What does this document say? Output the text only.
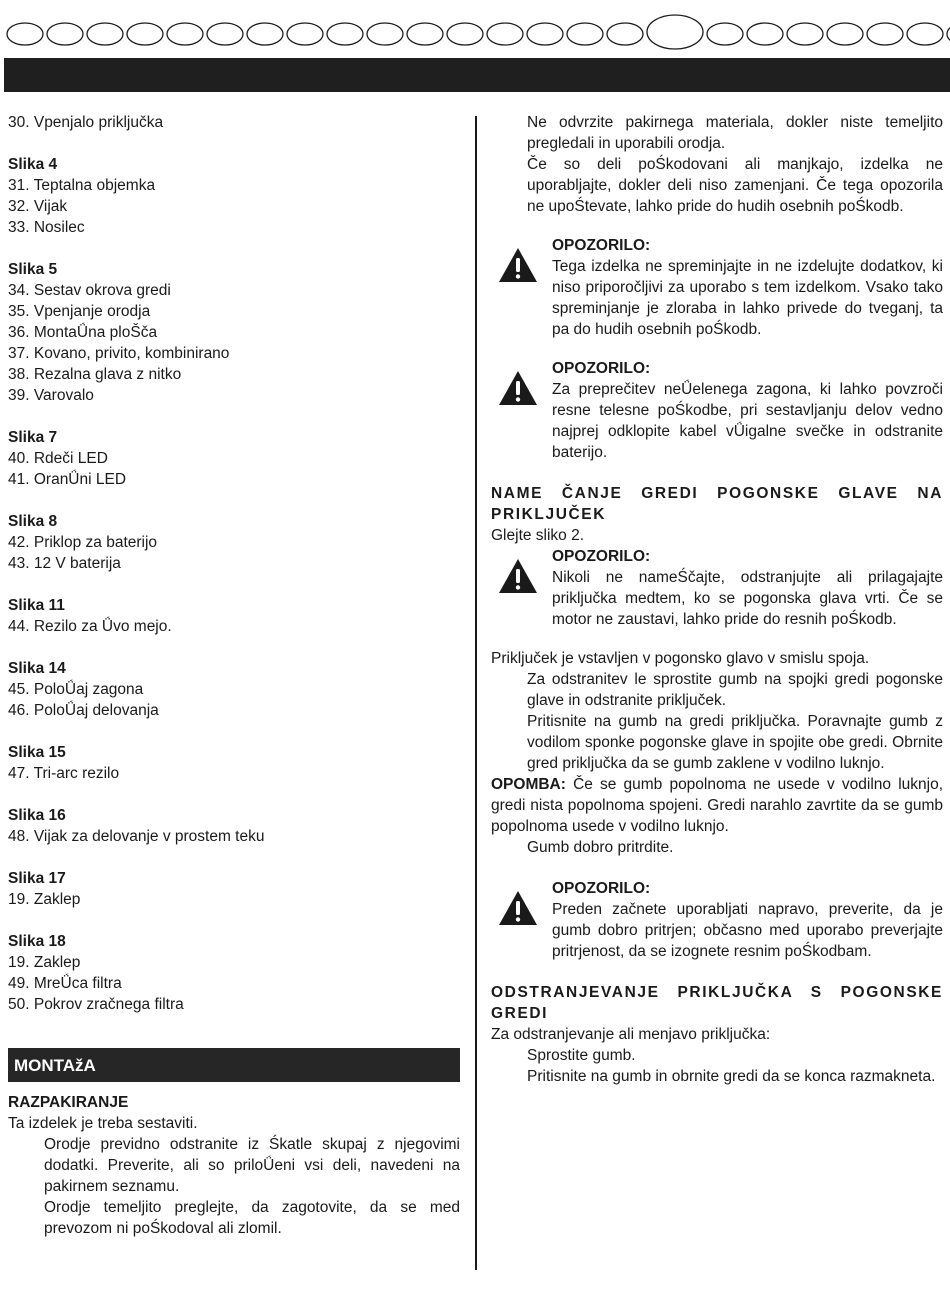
30. Vpenjalo priključka
Slika 4
31. Teptalna objemka
32. Vijak
33. Nosilec
Slika 5
34. Sestav okrova gredi
35. Vpenjanje orodja
36. MontaǗna ploŠča
37. Kovano, privito, kombinirano
38. Rezalna glava z nitko
39. Varovalo
Slika 7
40. Rdeči LED
41. OranǗni LED
Slika 8
42. Priklop za baterijo
43. 12 V baterija
Slika 11
44. Rezilo za Ǘvo mejo.
Slika 14
45. PoloǗaj zagona
46. PoloǗaj delovanja
Slika 15
47. Tri-arc rezilo
Slika 16
48. Vijak za delovanje v prostem teku
Slika 17
19. Zaklep
Slika 18
19. Zaklep
49. MreǗca filtra
50. Pokrov zračnega filtra
MONTAžA
RAZPAKIRANJE
Ta izdelek je treba sestaviti.

Orodje previdno odstranite iz Śkatle skupaj z njegovimi dodatki. Preverite, ali so priloǗeni vsi deli, navedeni na pakirnem seznamu.

Orodje temeljito preglejte, da zagotovite, da se med prevozom ni poŚkodoval ali zlomil.

Ne odvrzite pakirnega materiala, dokler niste temeljito pregledali in uporabili orodja.

Če so deli poŚkodovani ali manjkajo, izdelka ne uporabljajte, dokler deli niso zamenjani. Če tega opozorila ne upoŚtevate, lahko pride do hudih osebnih poŚkodb.

OPOZORILO:

Tega izdelka ne spreminjajte in ne izdelujte dodatkov, ki niso priporočljivi za uporabo s tem izdelkom. Vsako tako spreminjanje je zloraba in lahko privede do tveganj, ta pa do hudih osebnih poŚkodb.

OPOZORILO:

Za preprečitev neǗelenega zagona, ki lahko povzroči resne telesne poŚkodbe, pri sestavljanju delov vedno najprej odklopite kabel vǗigalne svečke in odstranite baterijo.

NAME ČANJE GREDI POGONSKE GLAVE NA PRIKLJUČEK

Glejte sliko 2.
OPOZORILO:

Nikoli ne nameŚčajte, odstranjujte ali prilagajajte priključka medtem, ko se pogonska glava vrti. Če se motor ne zaustavi, lahko pride do resnih poŚkodb.

Priključek je vstavljen v pogonsko glavo v smislu spoja.

Za odstranitev le sprostite gumb na spojki gredi pogonske glave in odstranite priključek.

Pritisnite na gumb na gredi priključka. Poravnajte gumb z vodilom sponke pogonske glave in spojite obe gredi. Obrnite gred priključka da se gumb zaklene v vodilno luknjo.

OPOMBA: Če se gumb popolnoma ne usede v vodilno luknjo, gredi nista popolnoma spojeni. Gredi narahlo zavrtite da se gumb popolnoma usede v vodilno luknjo.

Gumb dobro pritrdite.

OPOZORILO:

Preden začnete uporabljati napravo, preverite, da je gumb dobro pritrjen; občasno med uporabo preverjajte pritrjenost, da se izognete resnim poŚkodbam.

ODSTRANJEVANJE PRIKLJUČKA S POGONSKE GREDI

Za odstranjevanje ali menjavo priključka:

Sprostite gumb.

Pritisnite na gumb in obrnite gredi da se konca razmakneta.
